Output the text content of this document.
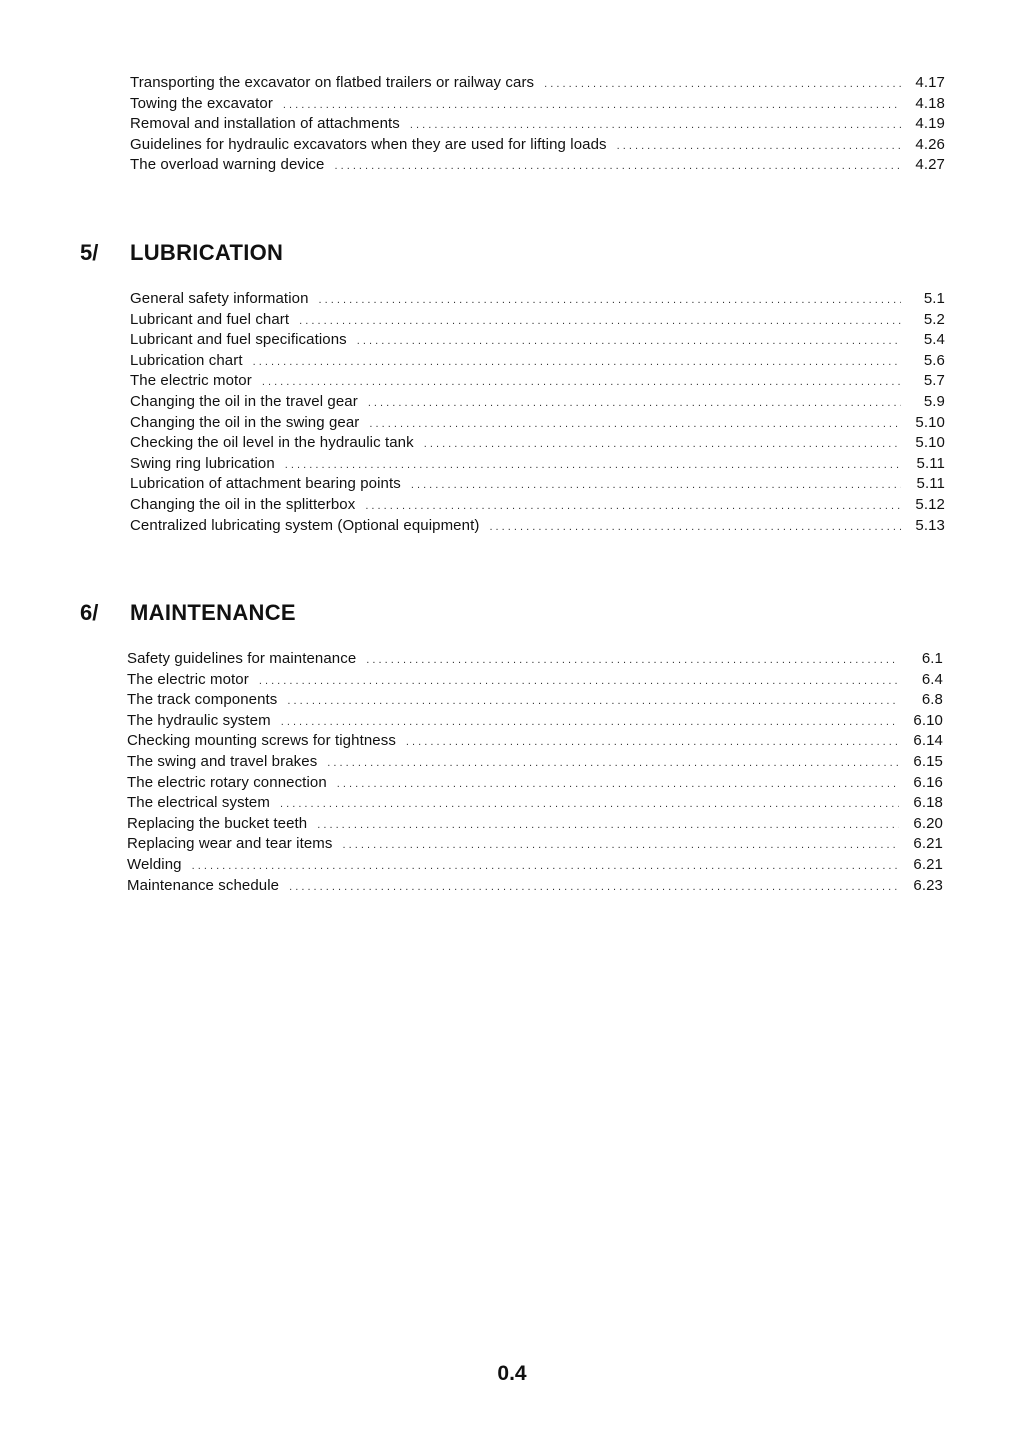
Transporting the excavator on flatbed trailers or railway cars . . .	4.17
Towing the excavator . . .	4.18
Removal and installation of attachments . . .	4.19
Guidelines for hydraulic excavators when they are used for lifting loads . . .	4.26
The overload warning device . . .	4.27
5/	LUBRICATION
General safety information . . .	5.1
Lubricant and fuel chart . . .	5.2
Lubricant and fuel specifications . . .	5.4
Lubrication chart . . .	5.6
The electric motor . . .	5.7
Changing the oil in the travel gear . . .	5.9
Changing the oil in the swing gear . . .	5.10
Checking the oil level in the hydraulic tank . . .	5.10
Swing ring lubrication . . .	5.11
Lubrication of attachment bearing points . . .	5.11
Changing the oil in the splitterbox . . .	5.12
Centralized lubricating system (Optional equipment) . . .	5.13
6/	MAINTENANCE
Safety guidelines for maintenance . . .	6.1
The electric motor . . .	6.4
The track components . . .	6.8
The hydraulic system . . .	6.10
Checking mounting screws for tightness . . .	6.14
The swing and travel brakes . . .	6.15
The electric rotary connection . . .	6.16
The electrical system . . .	6.18
Replacing the bucket teeth . . .	6.20
Replacing wear and tear items . . .	6.21
Welding . . .	6.21
Maintenance schedule . . .	6.23
0.4
